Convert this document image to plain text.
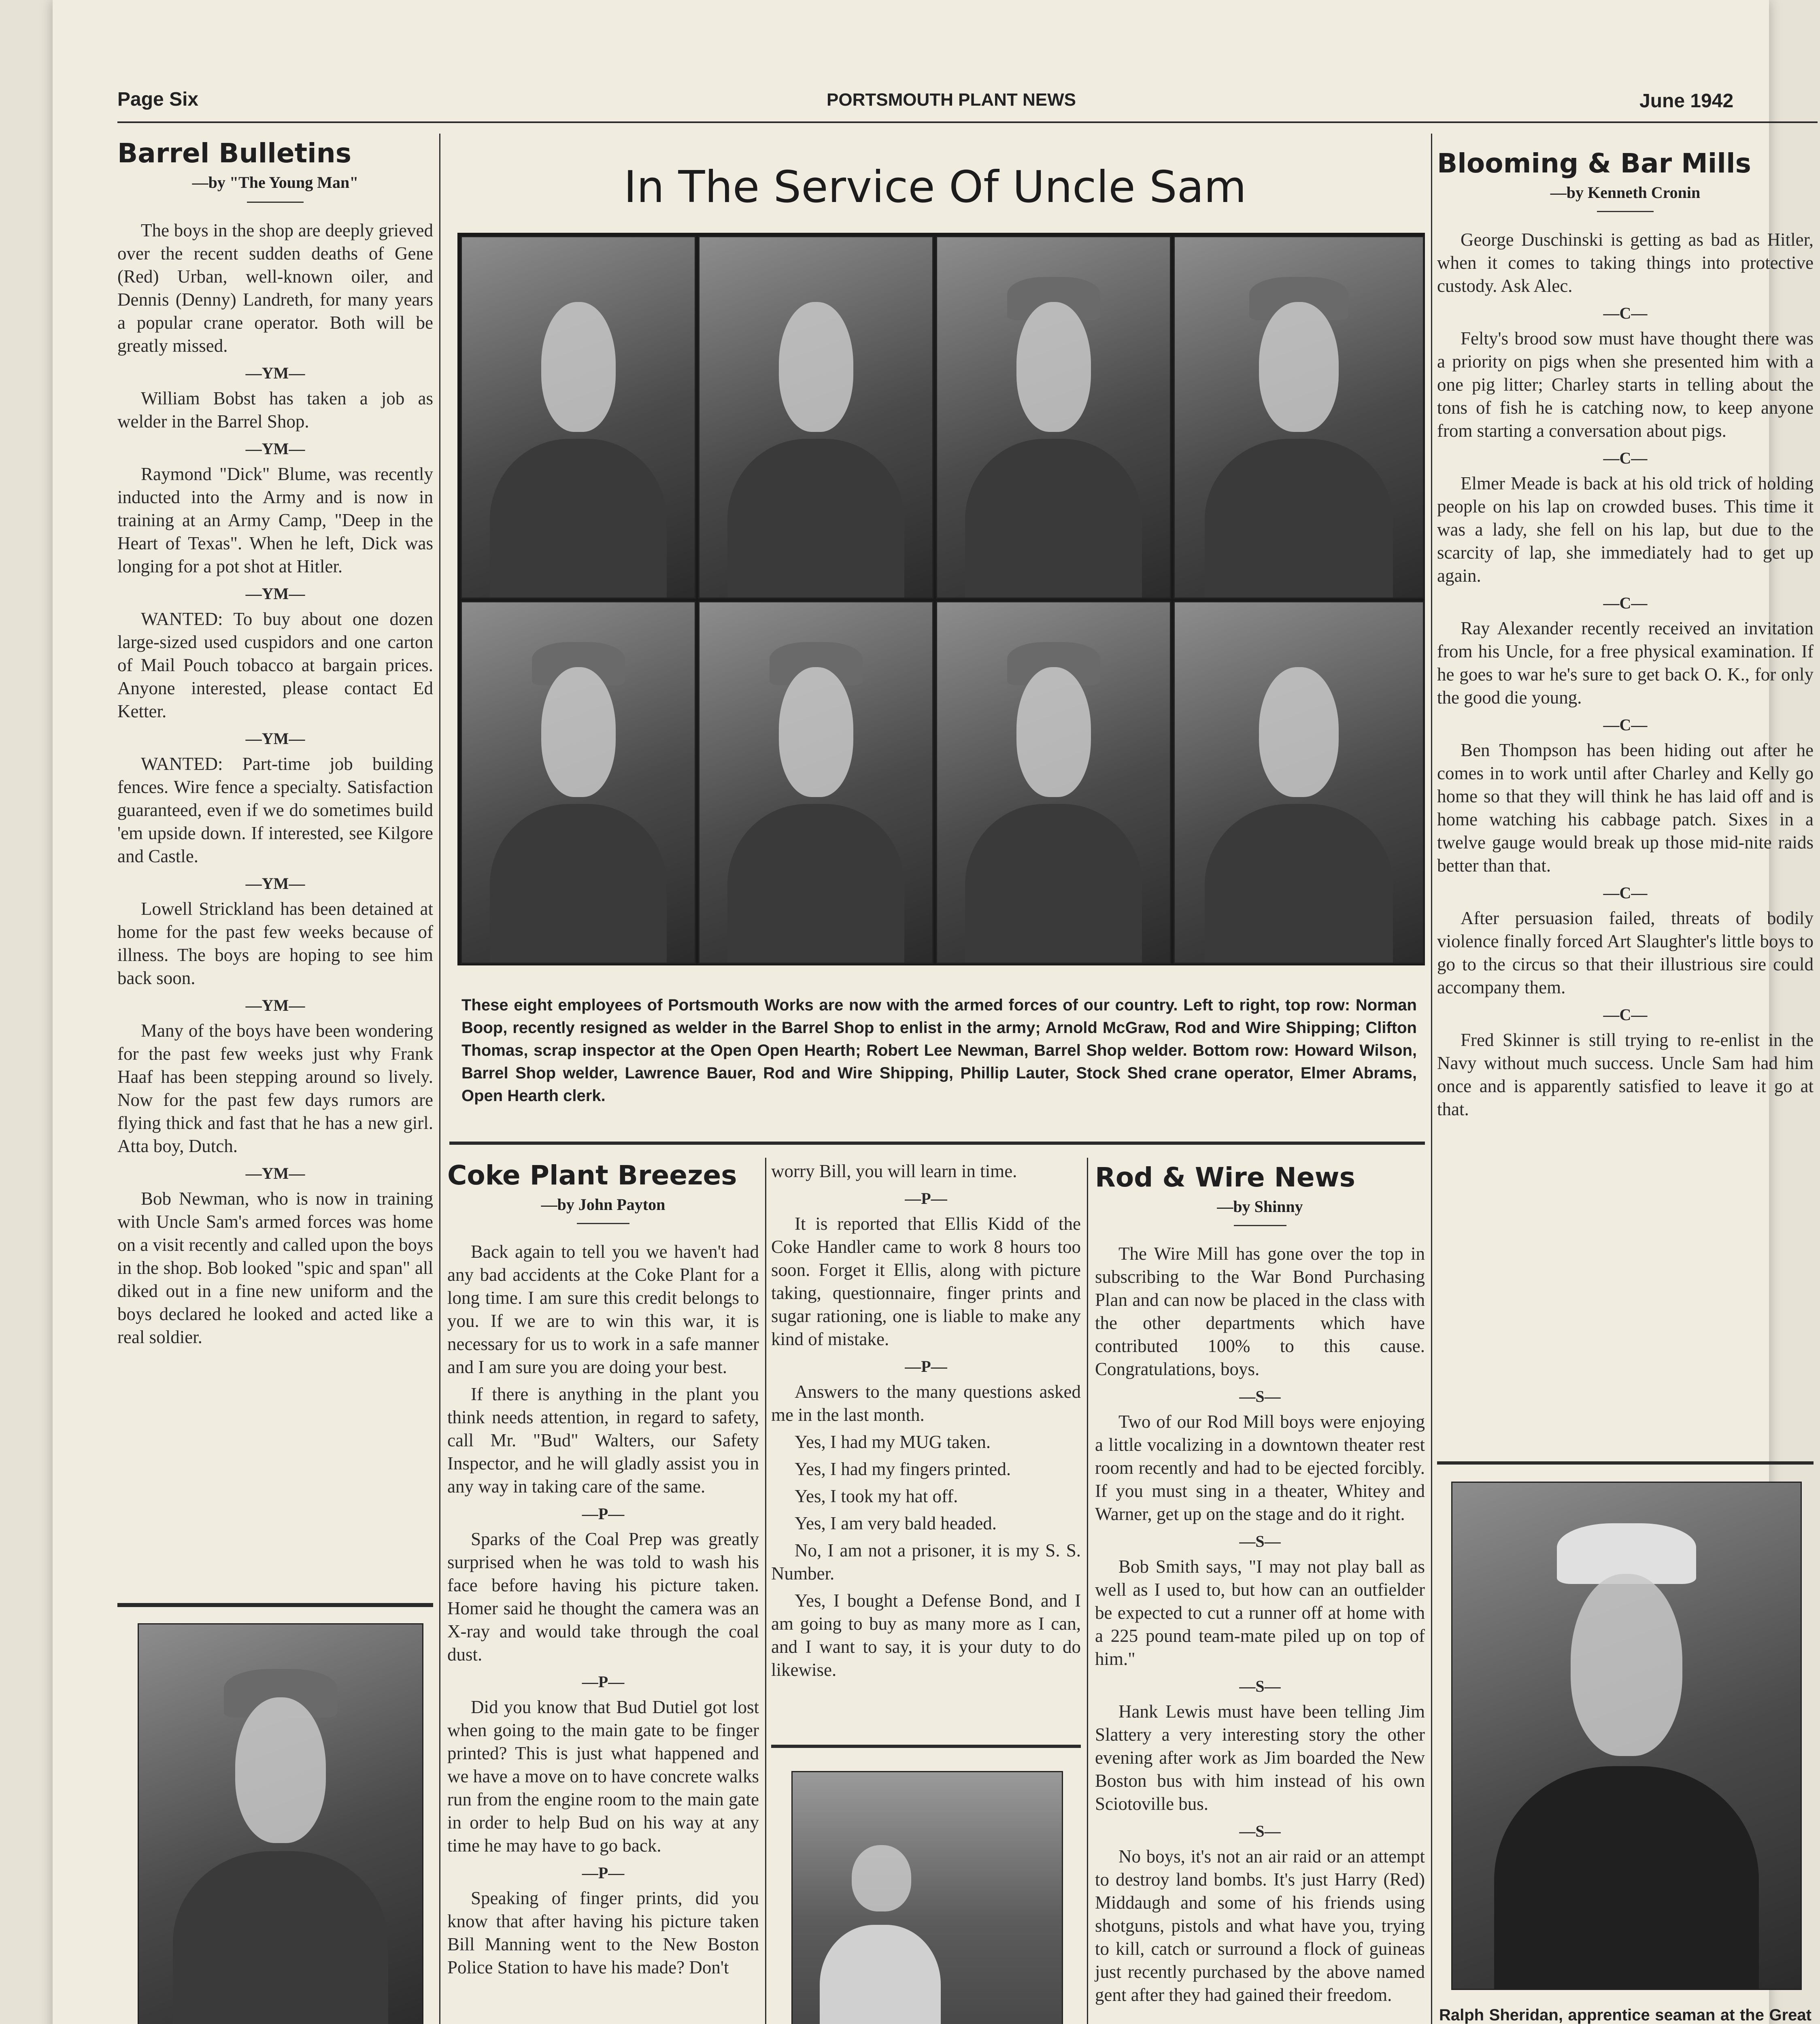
Page Six	PORTSMOUTH PLANT NEWS	June 1942
Barrel Bulletins
—by "The Young Man"

The boys in the shop are deeply grieved over the recent sudden deaths of Gene (Red) Urban, well-known oiler, and Dennis (Denny) Landreth, for many years a popular crane operator. Both will be greatly missed.

—YM—

William Bobst has taken a job as welder in the Barrel Shop.

—YM—

Raymond "Dick" Blume, was recently inducted into the Army and is now in training at an Army Camp, "Deep in the Heart of Texas". When he left, Dick was longing for a pot shot at Hitler.

—YM—

WANTED: To buy about one dozen large-sized used cuspidors and one carton of Mail Pouch tobacco at bargain prices. Anyone interested, please contact Ed Ketter.

—YM—

WANTED: Part-time job building fences. Wire fence a specialty. Satisfaction guaranteed, even if we do sometimes build 'em upside down. If interested, see Kilgore and Castle.

—YM—

Lowell Strickland has been detained at home for the past few weeks because of illness. The boys are hoping to see him back soon.

—YM—

Many of the boys have been wondering for the past few weeks just why Frank Haaf has been stepping around so lively. Now for the past few days rumors are flying thick and fast that he has a new girl. Atta boy, Dutch.

—YM—

Bob Newman, who is now in training with Uncle Sam's armed forces was home on a visit recently and called upon the boys in the shop. Bob looked "spic and span" all diked out in a fine new uniform and the boys declared he looked and acted like a real soldier.

In The Service Of Uncle Sam
These eight employees of Portsmouth Works are now with the armed forces of our country. Left to right, top row: Norman Boop, recently resigned as welder in the Barrel Shop to enlist in the army; Arnold McGraw, Rod and Wire Shipping; Clifton Thomas, scrap inspector at the Open Open Hearth; Robert Lee Newman, Barrel Shop welder. Bottom row: Howard Wilson, Barrel Shop welder, Lawrence Bauer, Rod and Wire Shipping, Phillip Lauter, Stock Shed crane operator, Elmer Abrams, Open Hearth clerk.
Coke Plant Breezes
—by John Payton

Back again to tell you we haven't had any bad accidents at the Coke Plant for a long time. I am sure this credit belongs to you. If we are to win this war, it is necessary for us to work in a safe manner and I am sure you are doing your best.

If there is anything in the plant you think needs attention, in regard to safety, call Mr. "Bud" Walters, our Safety Inspector, and he will gladly assist you in any way in taking care of the same.

—P—

Sparks of the Coal Prep was greatly surprised when he was told to wash his face before having his picture taken. Homer said he thought the camera was an X-ray and would take through the coal dust.

—P—

Did you know that Bud Dutiel got lost when going to the main gate to be finger printed? This is just what happened and we have a move on to have concrete walks run from the engine room to the main gate in order to help Bud on his way at any time he may have to go back.

—P—

Speaking of finger prints, did you know that after having his picture taken Bill Manning went to the New Boston Police Station to have his made? Don't

worry Bill, you will learn in time.

—P—

It is reported that Ellis Kidd of the Coke Handler came to work 8 hours too soon. Forget it Ellis, along with picture taking, questionnaire, finger prints and sugar rationing, one is liable to make any kind of mistake.

—P—

Answers to the many questions asked me in the last month.

Yes, I had my MUG taken.

Yes, I had my fingers printed.

Yes, I took my hat off.

Yes, I am very bald headed.

No, I am not a prisoner, it is my S. S. Number.

Yes, I bought a Defense Bond, and I am going to buy as many more as I can, and I want to say, it is your duty to do likewise.

Rod & Wire News
—by Shinny

The Wire Mill has gone over the top in subscribing to the War Bond Purchasing Plan and can now be placed in the class with the other departments which have contributed 100% to this cause. Congratulations, boys.

—S—

Two of our Rod Mill boys were enjoying a little vocalizing in a downtown theater rest room recently and had to be ejected forcibly. If you must sing in a theater, Whitey and Warner, get up on the stage and do it right.

—S—

Bob Smith says, "I may not play ball as well as I used to, but how can an outfielder be expected to cut a runner off at home with a 225 pound team-mate piled up on top of him."

—S—

Hank Lewis must have been telling Jim Slattery a very interesting story the other evening after work as Jim boarded the New Boston bus with him instead of his own Sciotoville bus.

—S—

No boys, it's not an air raid or an attempt to destroy land bombs. It's just Harry (Red) Middaugh and some of his friends using shotguns, pistols and what have you, trying to kill, catch or surround a flock of guineas just recently purchased by the above named gent after they had gained their freedom.

Blooming & Bar Mills
—by Kenneth Cronin

George Duschinski is getting as bad as Hitler, when it comes to taking things into protective custody. Ask Alec.

—C—

Felty's brood sow must have thought there was a priority on pigs when she presented him with a one pig litter; Charley starts in telling about the tons of fish he is catching now, to keep anyone from starting a conversation about pigs.

—C—

Elmer Meade is back at his old trick of holding people on his lap on crowded buses. This time it was a lady, she fell on his lap, but due to the scarcity of lap, she immediately had to get up again.

—C—

Ray Alexander recently received an invitation from his Uncle, for a free physical examination. If he goes to war he's sure to get back O. K., for only the good die young.

—C—

Ben Thompson has been hiding out after he comes in to work until after Charley and Kelly go home so that they will think he has laid off and is home watching his cabbage patch. Sixes in a twelve gauge would break up those mid-nite raids better than that.

—C—

After persuasion failed, threats of bodily violence finally forced Art Slaughter's little boys to go to the circus so that their illustrious sire could accompany them.

—C—

Fred Skinner is still trying to re-enlist in the Navy without much success. Uncle Sam had him once and is apparently satisfied to leave it go at that.

Ralph Sheridan, apprentice seaman at the Great
